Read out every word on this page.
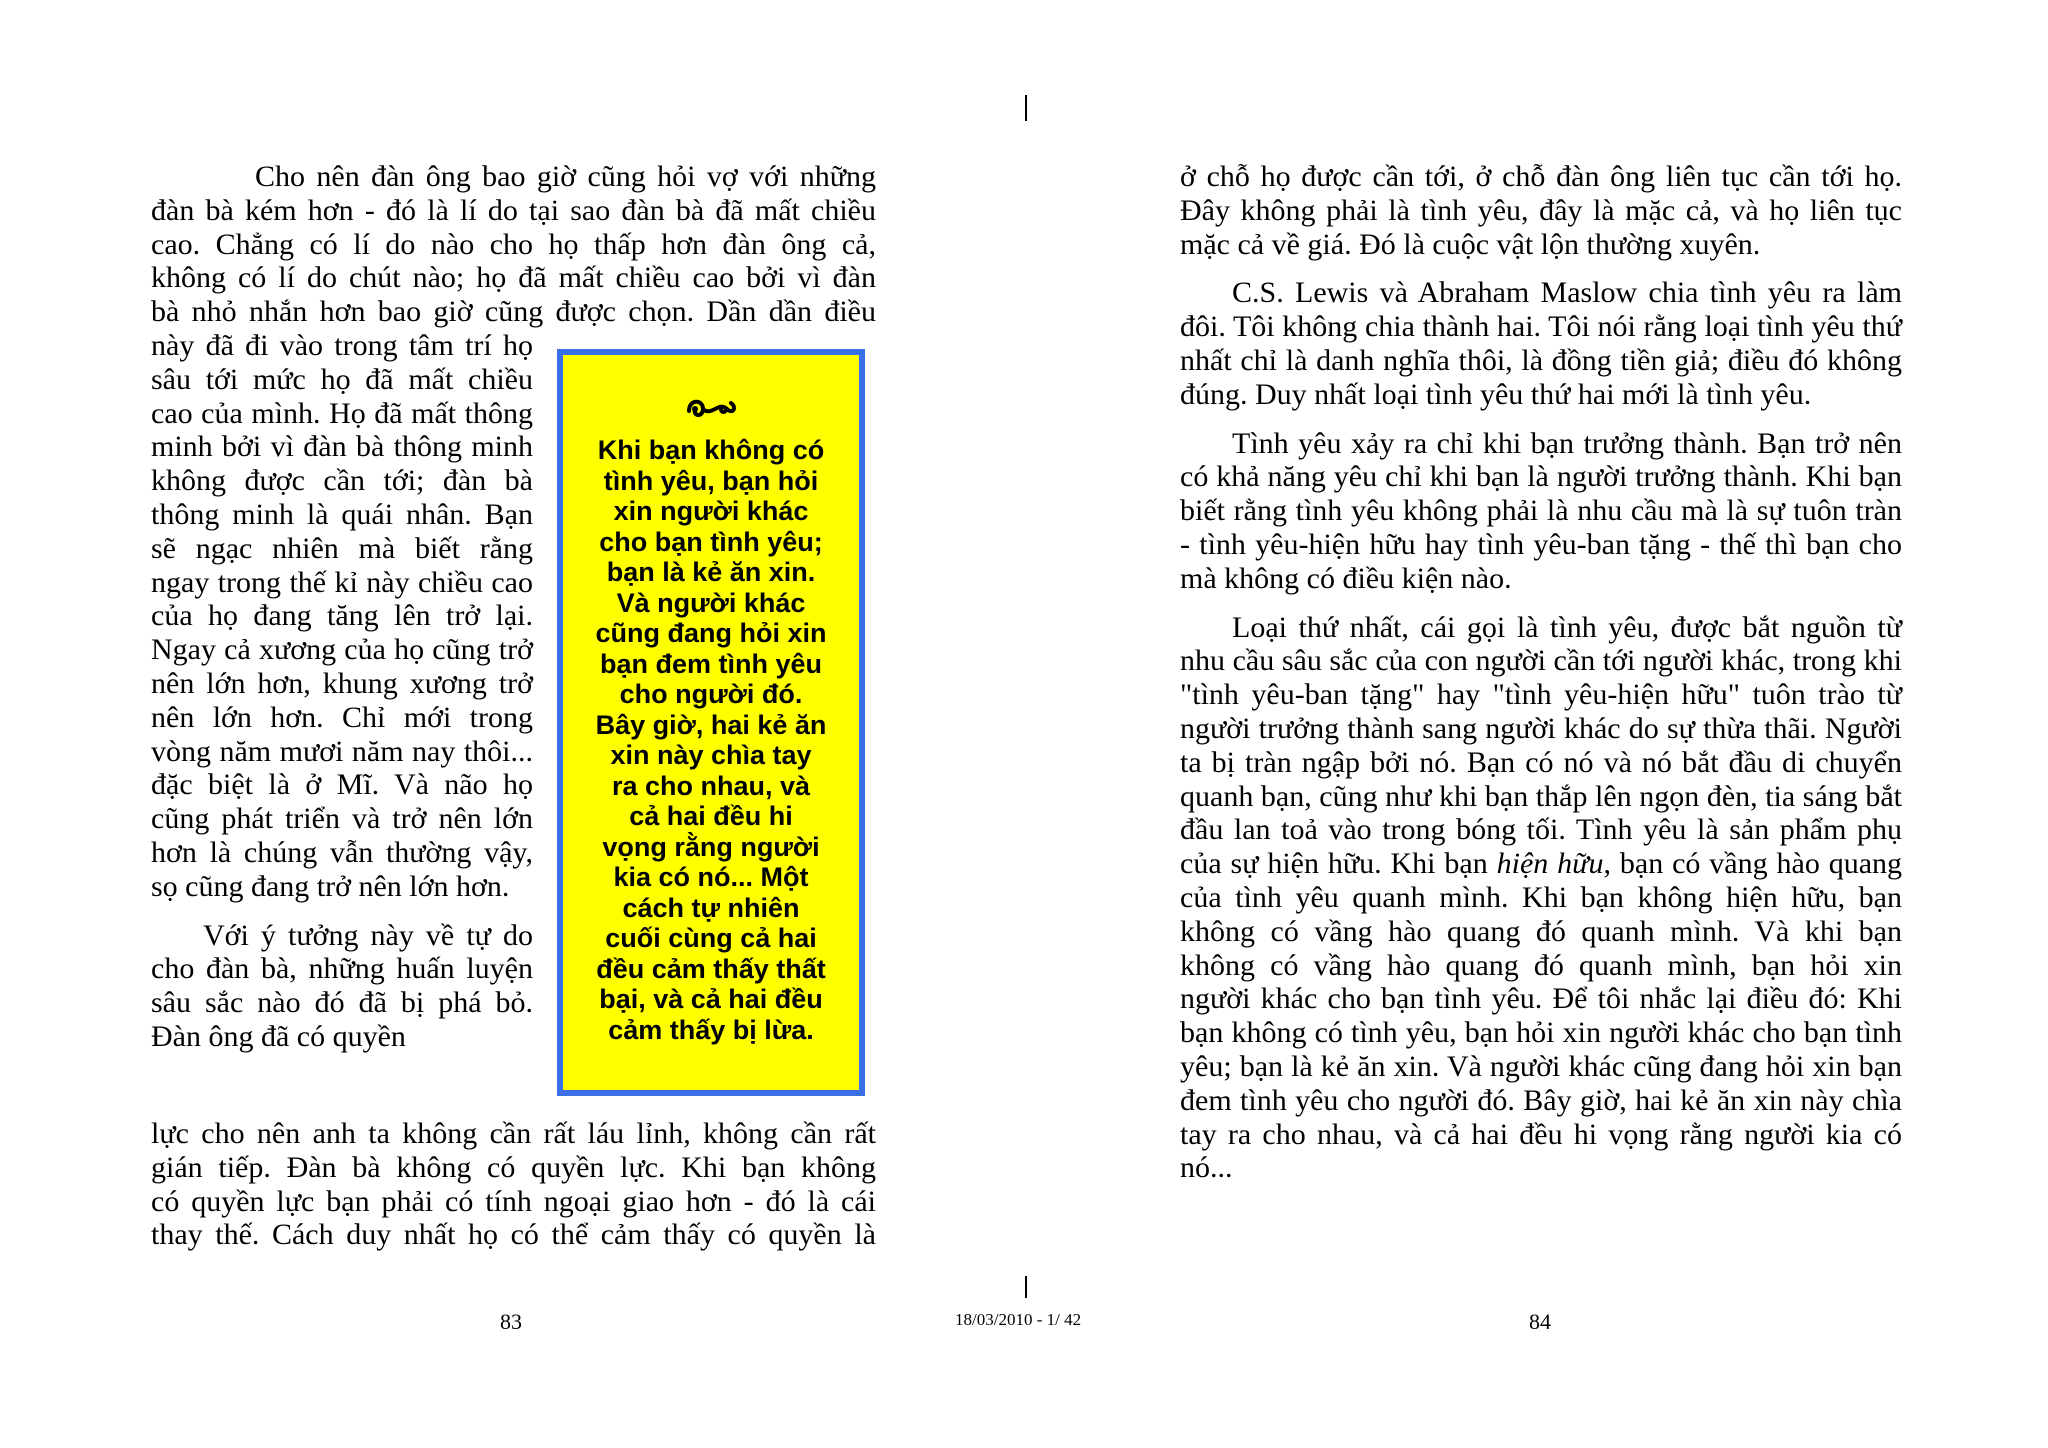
Cho nên đàn ông bao giờ cũng hỏi vợ với những
đàn bà kém hơn - đó là lí do tại sao đàn bà đã mất chiều
cao. Chẳng có lí do nào cho họ thấp hơn đàn ông cả,
không có lí do chút nào; họ đã mất chiều cao bởi vì đàn
bà nhỏ nhắn hơn bao giờ cũng được chọn. Dần dần điều

này đã đi vào trong tâm trí họ sâu tới mức họ đã mất chiều cao của mình. Họ đã mất thông minh bởi vì đàn bà thông minh không được cần tới; đàn bà thông minh là quái nhân. Bạn sẽ ngạc nhiên mà biết rằng ngay trong thế kỉ này chiều cao của họ đang tăng lên trở lại. Ngay cả xương của họ cũng trở nên lớn hơn, khung xương trở nên lớn hơn. Chỉ mới trong vòng năm mươi năm nay thôi... đặc biệt là ở Mĩ. Và não họ cũng phát triển và trở nên lớn hơn là chúng vẫn thường vậy, sọ cũng đang trở nên lớn hơn.

Với ý tưởng này về tự do cho đàn bà, những huấn luyện sâu sắc nào đó đã bị phá bỏ. Đàn ông đã có quyền

lực cho nên anh ta không cần rất láu lỉnh, không cần rất
gián tiếp. Đàn bà không có quyền lực. Khi bạn không
có quyền lực bạn phải có tính ngoại giao hơn - đó là cái
thay thế. Cách duy nhất họ có thể cảm thấy có quyền là

Khi bạn không có
tình yêu, bạn hỏi
xin người khác
cho bạn tình yêu;
bạn là kẻ ăn xin.
Và người khác
cũng đang hỏi xin
bạn đem tình yêu
cho người đó.
Bây giờ, hai kẻ ăn
xin này chìa tay
ra cho nhau, và
cả hai đều hi
vọng rằng người
kia có nó... Một
cách tự nhiên
cuối cùng cả hai
đều cảm thấy thất
bại, và cả hai đều
cảm thấy bị lừa.

ở chỗ họ được cần tới, ở chỗ đàn ông liên tục cần tới họ. Đây không phải là tình yêu, đây là mặc cả, và họ liên tục mặc cả về giá. Đó là cuộc vật lộn thường xuyên.

C.S. Lewis và Abraham Maslow chia tình yêu ra làm đôi. Tôi không chia thành hai. Tôi nói rằng loại tình yêu thứ nhất chỉ là danh nghĩa thôi, là đồng tiền giả; điều đó không đúng. Duy nhất loại tình yêu thứ hai mới là tình yêu.

Tình yêu xảy ra chỉ khi bạn trưởng thành. Bạn trở nên có khả năng yêu chỉ khi bạn là người trưởng thành. Khi bạn biết rằng tình yêu không phải là nhu cầu mà là sự tuôn tràn - tình yêu-hiện hữu hay tình yêu-ban tặng - thế thì bạn cho mà không có điều kiện nào.

Loại thứ nhất, cái gọi là tình yêu, được bắt nguồn từ nhu cầu sâu sắc của con người cần tới người khác, trong khi "tình yêu-ban tặng" hay "tình yêu-hiện hữu" tuôn trào từ người trưởng thành sang người khác do sự thừa thãi. Người ta bị tràn ngập bởi nó. Bạn có nó và nó bắt đầu di chuyển quanh bạn, cũng như khi bạn thắp lên ngọn đèn, tia sáng bắt đầu lan toả vào trong bóng tối. Tình yêu là sản phẩm phụ của sự hiện hữu. Khi bạn hiện hữu, bạn có vầng hào quang của tình yêu quanh mình. Khi bạn không hiện hữu, bạn không có vầng hào quang đó quanh mình. Và khi bạn không có vầng hào quang đó quanh mình, bạn hỏi xin người khác cho bạn tình yêu. Để tôi nhắc lại điều đó: Khi bạn không có tình yêu, bạn hỏi xin người khác cho bạn tình yêu; bạn là kẻ ăn xin. Và người khác cũng đang hỏi xin bạn đem tình yêu cho người đó. Bây giờ, hai kẻ ăn xin này chìa tay ra cho nhau, và cả hai đều hi vọng rằng người kia có nó...

83	18/03/2010 - 1/ 42	84
